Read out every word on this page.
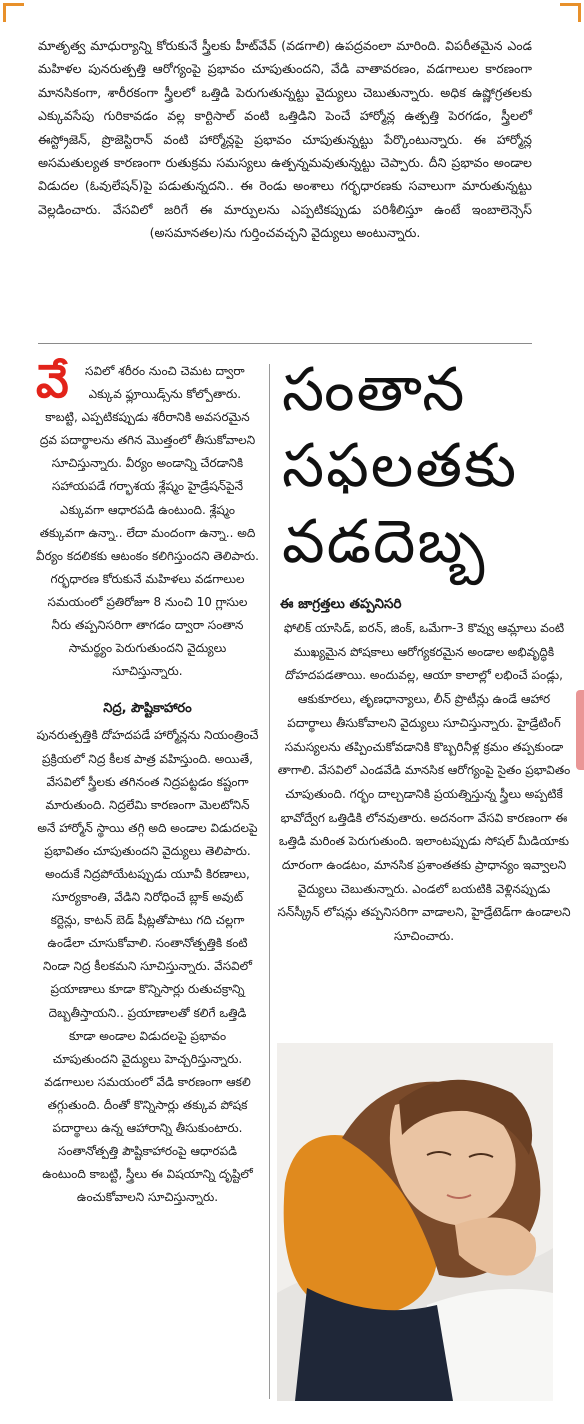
మాతృత్వ మాధుర్యాన్ని కోరుకునే స్త్రీలకు హీట్‌వేవ్ (వడగాలి) ఉపద్రవంలా మారింది. విపరీతమైన ఎండ మహిళల పునరుత్పత్తి ఆరోగ్యంపై ప్రభావం చూపుతుందని, వేడి వాతావరణం, వడగాలుల కారణంగా మానసికంగా, శారీరకంగా స్త్రీలలో ఒత్తిడి పెరుగుతున్నట్టు వైద్యులు చెబుతున్నారు. అధిక ఉష్ణోగ్రతలకు ఎక్కువసేపు గురికావడం వల్ల కార్టిసాల్ వంటి ఒత్తిడిని పెంచే హార్మోన్ల ఉత్పత్తి పెరగడం, స్త్రీలలో ఈస్ట్రోజెన్, ప్రొజెస్టిరాన్ వంటి హార్మోన్లపై ప్రభావం చూపుతున్నట్టు పేర్కొంటున్నారు. ఈ హార్మోన్ల అసమతుల్యత కారణంగా రుతుక్రమ సమస్యలు ఉత్పన్నమవుతున్నట్టు చెప్పారు. దీని ప్రభావం అండాల విడుదల (ఓవులేషన్)పై పడుతున్నదని.. ఈ రెండు అంశాలు గర్భధారణకు సవాలుగా మారుతున్నట్టు వెల్లడించారు. వేసవిలో జరిగే ఈ మార్పులను ఎప్పటికప్పుడు పరిశీలిస్తూ ఉంటే ఇంబాలెన్సెస్ (అసమానతల)ను గుర్తించవచ్చని వైద్యులు అంటున్నారు.

వే సవిలో శరీరం నుంచి చెమట ద్వారా ఎక్కువ ఫ్లూయిడ్స్‌ను కోల్పోతారు. కాబట్టి, ఎప్పటికప్పుడు శరీరానికి అవసరమైన ద్రవ పదార్థాలను తగిన మొత్తంలో తీసుకోవాలని సూచిస్తున్నారు. వీర్యం అండాన్ని చేరడానికి సహాయపడే గర్భాశయ శ్లేష్మం హైడ్రేషన్‌పైనే ఎక్కువగా ఆధారపడి ఉంటుంది. శ్లేష్మం తక్కువగా ఉన్నా.. లేదా మందంగా ఉన్నా.. అది వీర్యం కదలికకు ఆటంకం కలిగిస్తుందని తెలిపారు. గర్భధారణ కోరుకునే మహిళలు వడగాలుల సమయంలో ప్రతిరోజూ 8 నుంచి 10 గ్లాసుల నీరు తప్పనిసరిగా తాగడం ద్వారా సంతాన సామర్థ్యం పెరుగుతుందని వైద్యులు సూచిస్తున్నారు.

నిద్ర, పౌష్టికాహారం

పునరుత్పత్తికి దోహదపడే హార్మోన్లను నియంత్రించే ప్రక్రియలో నిద్ర కీలక పాత్ర వహిస్తుంది. అయితే, వేసవిలో స్త్రీలకు తగినంత నిద్రపట్టడం కష్టంగా మారుతుంది. నిద్రలేమి కారణంగా మెలటోనిన్ అనే హార్మోన్ స్థాయి తగ్గి అది అండాల విడుదలపై ప్రభావితం చూపుతుందని వైద్యులు తెలిపారు. అందుకే నిద్రపోయేటప్పుడు యూవీ కిరణాలు, సూర్యకాంతి, వేడిని నిరోధించే బ్లాక్ అవుట్ కర్టెన్లు, కాటన్ బెడ్ షీట్లతోపాటు గది చల్లగా ఉండేలా చూసుకోవాలి. సంతానోత్పత్తికి కంటి నిండా నిద్ర కీలకమని సూచిస్తున్నారు. వేసవిలో ప్రయాణాలు కూడా కొన్నిసార్లు రుతుచక్రాన్ని దెబ్బతీస్తాయని.. ప్రయాణాలతో కలిగే ఒత్తిడి కూడా అండాల విడుదలపై ప్రభావం చూపుతుందని వైద్యులు హెచ్చరిస్తున్నారు. వడగాలుల సమయంలో వేడి కారణంగా ఆకలి తగ్గుతుంది. దీంతో కొన్నిసార్లు తక్కువ పోషక పదార్థాలు ఉన్న ఆహారాన్ని తీసుకుంటారు. సంతానోత్పత్తి పౌష్టికాహారంపై ఆధారపడి ఉంటుంది కాబట్టి, స్త్రీలు ఈ విషయాన్ని దృష్టిలో ఉంచుకోవాలని సూచిస్తున్నారు.

సంతాన
సఫలతకు
వడదెబ్బ
ఈ జాగ్రత్తలు తప్పనిసరి
ఫోలిక్ యాసిడ్, ఐరన్, జింక్, ఒమేగా-3 కొవ్వు ఆమ్లాలు వంటి ముఖ్యమైన పోషకాలు ఆరోగ్యకరమైన అండాల అభివృద్ధికి దోహదపడతాయి. అందువల్ల, ఆయా కాలాల్లో లభించే పండ్లు, ఆకుకూరలు, తృణధాన్యాలు, లీన్ ప్రొటీన్లు ఉండే ఆహార పదార్థాలు తీసుకోవాలని వైద్యులు సూచిస్తున్నారు. హైడ్రేటింగ్ సమస్యలను తప్పించుకోవడానికి కొబ్బరినీళ్ల క్రమం తప్పకుండా తాగాలి. వేసవిలో ఎండవేడి మానసిక ఆరోగ్యంపై సైతం ప్రభావితం చూపుతుంది. గర్భం దాల్చడానికి ప్రయత్నిస్తున్న స్త్రీలు అప్పటికే భావోద్వేగ ఒత్తిడికి లోనవుతారు. అదనంగా వేసవి కారణంగా ఈ ఒత్తిడి మరింత పెరుగుతుంది. ఇలాంటప్పుడు సోషల్ మీడియాకు దూరంగా ఉండటం, మానసిక ప్రశాంతతకు ప్రాధాన్యం ఇవ్వాలని వైద్యులు చెబుతున్నారు. ఎండలో బయటికి వెళ్లినప్పుడు సన్‌స్క్రీన్ లోషన్లు తప్పనిసరిగా వాడాలని, హైడ్రేటెడ్‌గా ఉండాలని సూచించారు.
